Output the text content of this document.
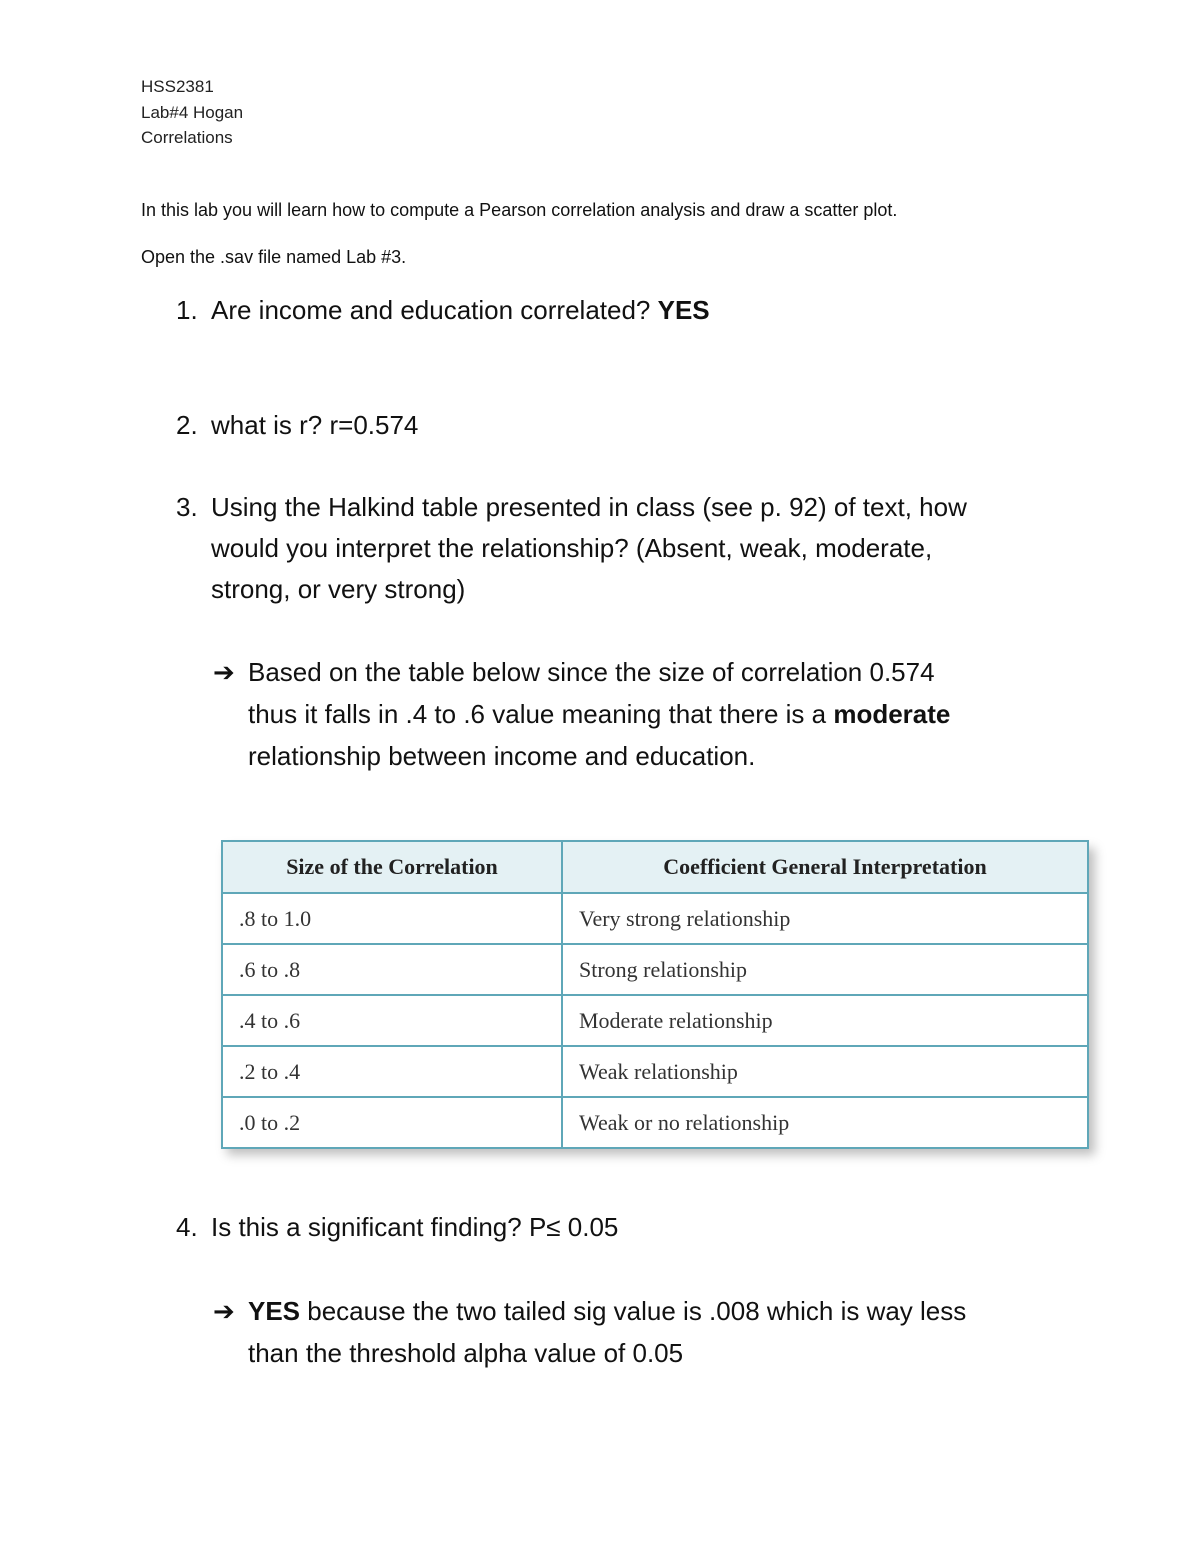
HSS2381
Lab#4 Hogan
Correlations
In this lab you will learn how to compute a Pearson correlation analysis and draw a scatter plot.
Open the .sav file named Lab #3.
1. Are income and education correlated? YES
2. what is r? r=0.574
3. Using the Halkind table presented in class (see p. 92) of text, how
would you interpret the relationship? (Absent, weak, moderate,
strong, or very strong)
➔ Based on the table below since the size of correlation 0.574
thus it falls in .4 to .6 value meaning that there is a moderate
relationship between income and education.
Size of the Correlation	Coefficient General Interpretation
.8 to 1.0	Very strong relationship
.6 to .8	Strong relationship
.4 to .6	Moderate relationship
.2 to .4	Weak relationship
.0 to .2	Weak or no relationship
4. Is this a significant finding? P≤ 0.05
➔ YES because the two tailed sig value is .008 which is way less
than the threshold alpha value of 0.05
